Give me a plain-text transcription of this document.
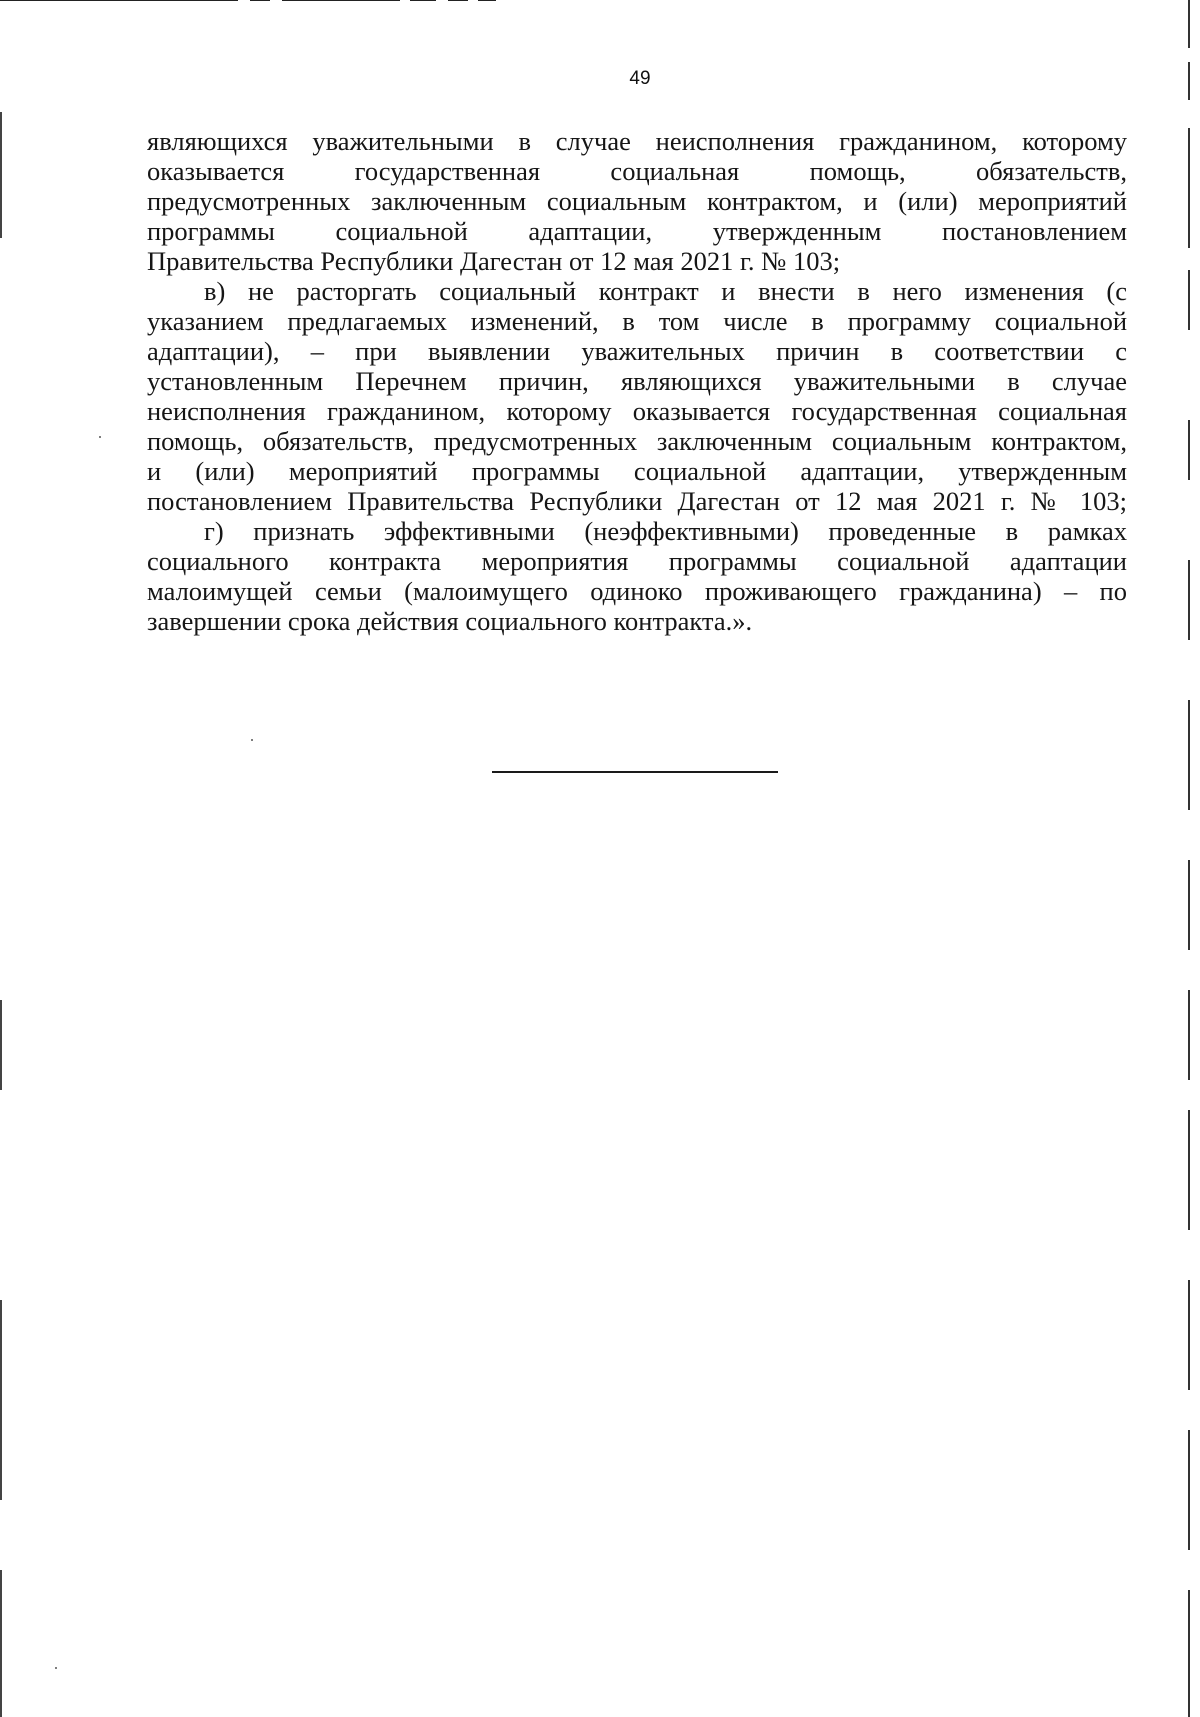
49

являющихся уважительными в случае неисполнения гражданином, которому
оказывается государственная социальная помощь, обязательств,
предусмотренных заключенным социальным контрактом, и (или) мероприятий
программы социальной адаптации, утвержденным постановлением
Правительства Республики Дагестан от 12 мая 2021 г. № 103;

в) не расторгать социальный контракт и внести в него изменения (с
указанием предлагаемых изменений, в том числе в программу социальной
адаптации), – при выявлении уважительных причин в соответствии с
установленным Перечнем причин, являющихся уважительными в случае
неисполнения гражданином, которому оказывается государственная социальная
помощь, обязательств, предусмотренных заключенным социальным контрактом,
и (или) мероприятий программы социальной адаптации, утвержденным
постановлением Правительства Республики Дагестан от 12 мая 2021 г. № 103;

г) признать эффективными (неэффективными) проведенные в рамках
социального контракта мероприятия программы социальной адаптации
малоимущей семьи (малоимущего одиноко проживающего гражданина) – по
завершении срока действия социального контракта.».
